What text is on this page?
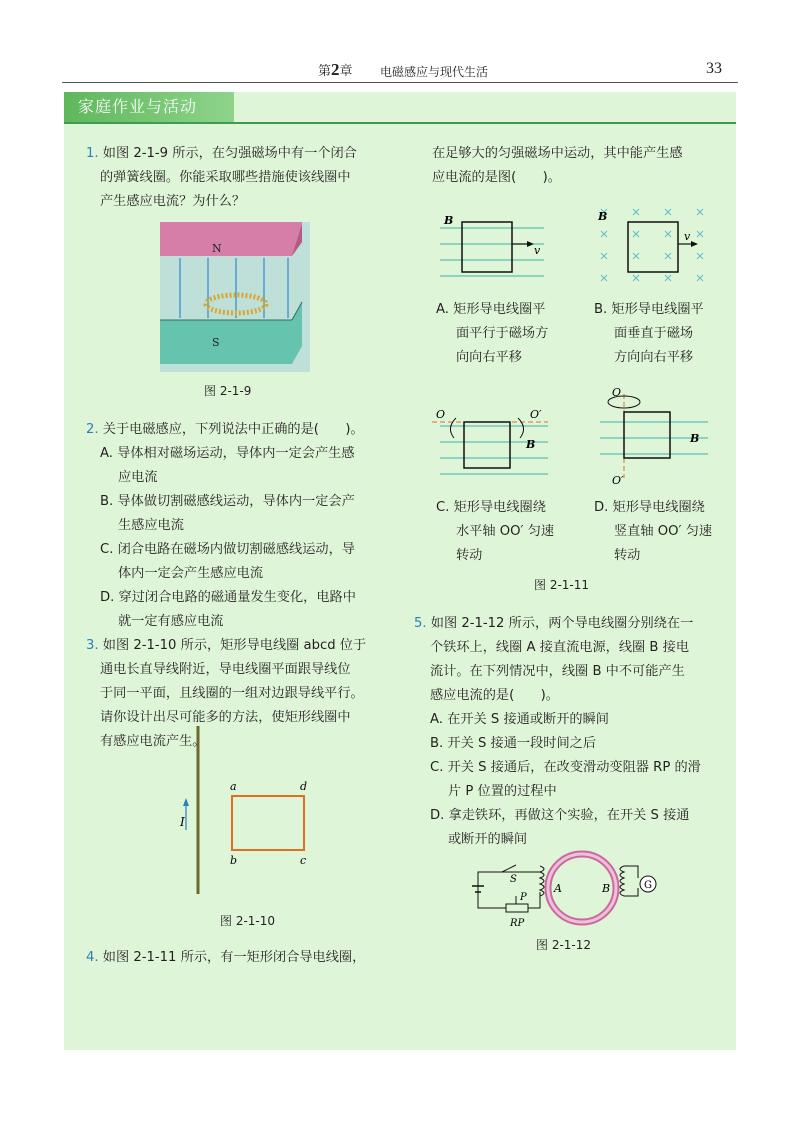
第2章 电磁感应与现代生活	33
家庭作业与活动
1. 如图 2-1-9 所示，在匀强磁场中有一个闭合
的弹簧线圈。你能采取哪些措施使该线圈中
产生感应电流？为什么？
N
S
图 2-1-9
2. 关于电磁感应，下列说法中正确的是(　　)。
A. 导体相对磁场运动，导体内一定会产生感
应电流
B. 导体做切割磁感线运动，导体内一定会产
生感应电流
C. 闭合电路在磁场内做切割磁感线运动，导
体内一定会产生感应电流
D. 穿过闭合电路的磁通量发生变化，电路中
就一定有感应电流
3. 如图 2-1-10 所示，矩形导电线圈 abcd 位于
通电长直导线附近，导电线圈平面跟导线位
于同一平面，且线圈的一组对边跟导线平行。
请你设计出尽可能多的方法，使矩形线圈中
有感应电流产生。
I
a	d
b	c
图 2-1-10
4. 如图 2-1-11 所示，有一矩形闭合导电线圈，
在足够大的匀强磁场中运动，其中能产生感
应电流的是图(　　)。
B
v
B
v
A. 矩形导电线圈平
面平行于磁场方
向向右平移
B. 矩形导电线圈平
面垂直于磁场
方向向右平移
O	O′
B
O
O′
B
C. 矩形导电线圈绕
水平轴 OO′ 匀速
转动
D. 矩形导电线圈绕
竖直轴 OO′ 匀速
转动
图 2-1-11
5. 如图 2-1-12 所示，两个导电线圈分别绕在一
个铁环上，线圈 A 接直流电源，线圈 B 接电
流计。在下列情况中，线圈 B 中不可能产生
感应电流的是(　　)。
A. 在开关 S 接通或断开的瞬间
B. 开关 S 接通一段时间之后
C. 开关 S 接通后，在改变滑动变阻器 RP 的滑
片 P 位置的过程中
D. 拿走铁环，再做这个实验，在开关 S 接通
或断开的瞬间
S
P
RP
A	B	G
图 2-1-12
